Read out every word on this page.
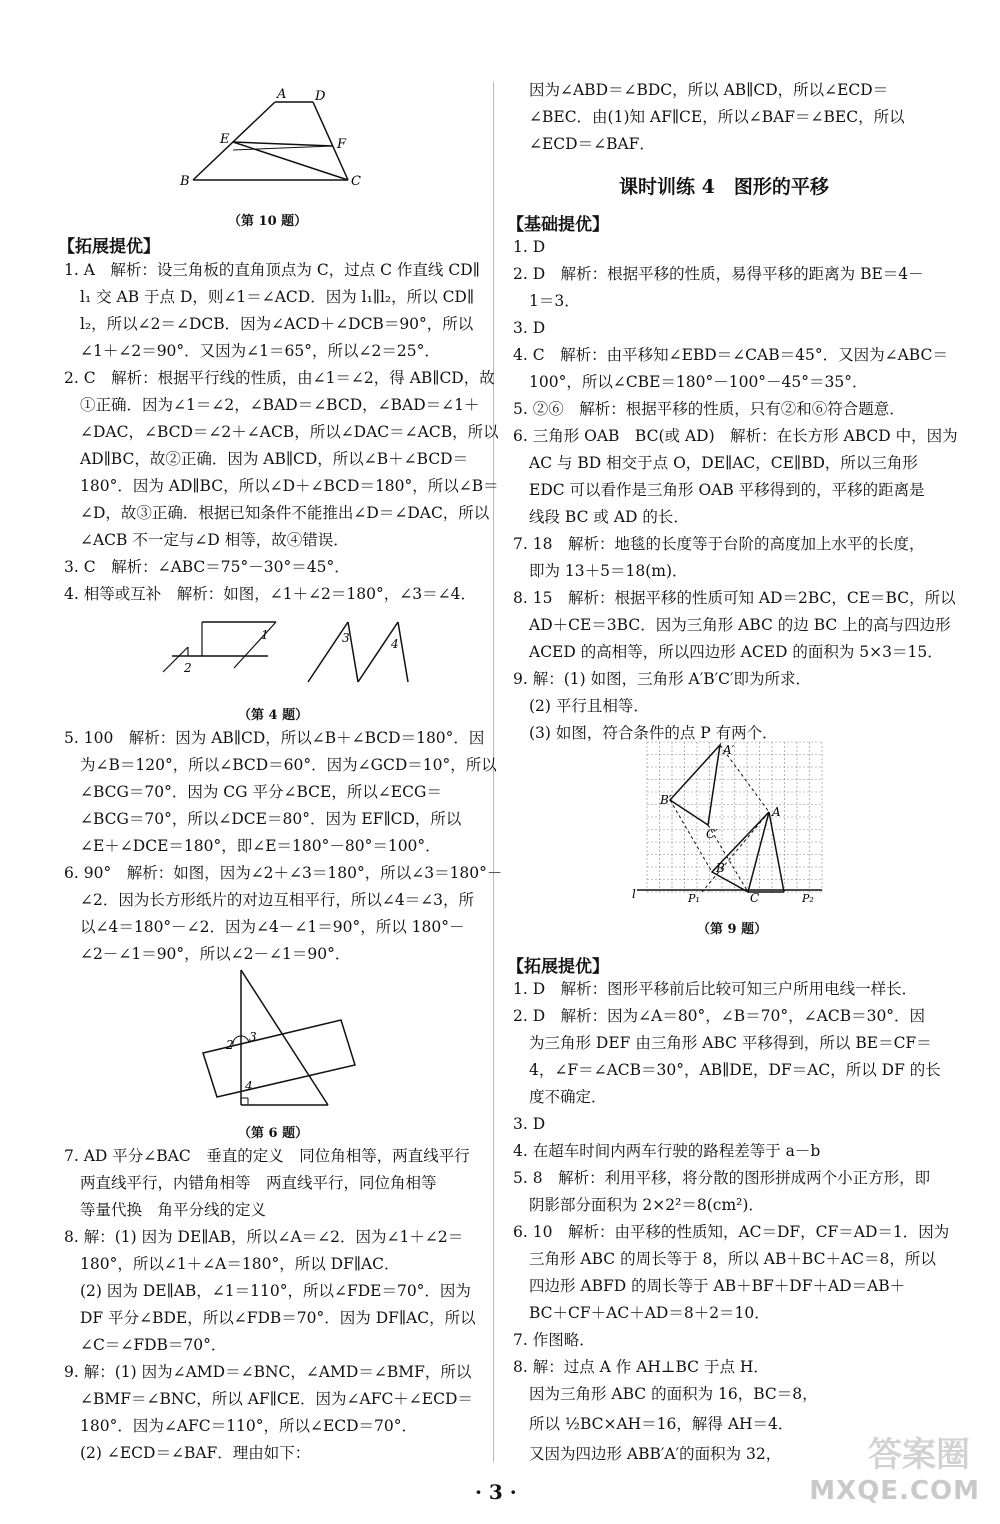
A D
E	F
B	C
（第 10 题）
【拓展提优】
1. A　解析：设三角板的直角顶点为 C，过点 C 作直线 CD∥
l₁ 交 AB 于点 D，则∠1＝∠ACD．因为 l₁∥l₂，所以 CD∥
l₂，所以∠2＝∠DCB．因为∠ACD＋∠DCB＝90°，所以
∠1＋∠2＝90°．又因为∠1＝65°，所以∠2＝25°．
2. C　解析：根据平行线的性质，由∠1＝∠2，得 AB∥CD，故
①正确．因为∠1＝∠2，∠BAD＝∠BCD，∠BAD＝∠1＋
∠DAC，∠BCD＝∠2＋∠ACB，所以∠DAC＝∠ACB，所以
AD∥BC，故②正确．因为 AB∥CD，所以∠B＋∠BCD＝
180°．因为 AD∥BC，所以∠D＋∠BCD＝180°，所以∠B＝
∠D，故③正确．根据已知条件不能推出∠D＝∠DAC，所以
∠ACB 不一定与∠D 相等，故④错误．
3. C　解析：∠ABC＝75°－30°＝45°．
4. 相等或互补　解析：如图，∠1＋∠2＝180°，∠3＝∠4．
1
2
3	4
（第 4 题）
5. 100　解析：因为 AB∥CD，所以∠B＋∠BCD＝180°．因
为∠B＝120°，所以∠BCD＝60°．因为∠GCD＝10°，所以
∠BCG＝70°．因为 CG 平分∠BCE，所以∠ECG＝
∠BCG＝70°，所以∠DCE＝80°．因为 EF∥CD，所以
∠E＋∠DCE＝180°，即∠E＝180°－80°＝100°．
6. 90°　解析：如图，因为∠2＋∠3＝180°，所以∠3＝180°－
∠2．因为长方形纸片的对边互相平行，所以∠4＝∠3，所
以∠4＝180°－∠2．因为∠4－∠1＝90°，所以 180°－
∠2－∠1＝90°，所以∠2－∠1＝90°．
2
3
4
（第 6 题）
7. AD 平分∠BAC　垂直的定义　同位角相等，两直线平行
两直线平行，内错角相等　两直线平行，同位角相等
等量代换　角平分线的定义
8. 解：(1) 因为 DE∥AB，所以∠A＝∠2．因为∠1＋∠2＝
180°，所以∠1＋∠A＝180°，所以 DF∥AC．
(2) 因为 DE∥AB，∠1＝110°，所以∠FDE＝70°．因为
DF 平分∠BDE，所以∠FDB＝70°．因为 DF∥AC，所以
∠C＝∠FDB＝70°．
9. 解：(1) 因为∠AMD＝∠BNC，∠AMD＝∠BMF，所以
∠BMF＝∠BNC，所以 AF∥CE．因为∠AFC＋∠ECD＝
180°．因为∠AFC＝110°，所以∠ECD＝70°．
(2) ∠ECD＝∠BAF．理由如下：
因为∠ABD＝∠BDC，所以 AB∥CD，所以∠ECD＝
∠BEC．由(1)知 AF∥CE，所以∠BAF＝∠BEC，所以
∠ECD＝∠BAF．
课时训练 4　图形的平移
【基础提优】
1. D
2. D　解析：根据平移的性质，易得平移的距离为 BE＝4－
1＝3．
3. D
4. C　解析：由平移知∠EBD＝∠CAB＝45°．又因为∠ABC＝
100°，所以∠CBE＝180°－100°－45°＝35°．
5. ②⑥　解析：根据平移的性质，只有②和⑥符合题意．
6. 三角形 OAB　BC(或 AD)　解析：在长方形 ABCD 中，因为
AC 与 BD 相交于点 O，DE∥AC，CE∥BD，所以三角形
EDC 可以看作是三角形 OAB 平移得到的，平移的距离是
线段 BC 或 AD 的长．
7. 18　解析：地毯的长度等于台阶的高度加上水平的长度，
即为 13＋5＝18(m)．
8. 15　解析：根据平移的性质可知 AD＝2BC，CE＝BC，所以
AD＋CE＝3BC．因为三角形 ABC 的边 BC 上的高与四边形
ACED 的高相等，所以四边形 ACED 的面积为 5×3＝15．
9. 解：(1) 如图，三角形 A′B′C′即为所求．
(2) 平行且相等．
(3) 如图，符合条件的点 P 有两个．
A′
B′
C′
A
B
C
l	P₁	P₂
（第 9 题）
【拓展提优】
1. D　解析：图形平移前后比较可知三户所用电线一样长．
2. D　解析：因为∠A＝80°，∠B＝70°，∠ACB＝30°．因
为三角形 DEF 由三角形 ABC 平移得到，所以 BE＝CF＝
4，∠F＝∠ACB＝30°，AB∥DE，DF＝AC，所以 DF 的长
度不确定．
3. D
4. 在超车时间内两车行驶的路程差等于 a－b
5. 8　解析：利用平移，将分散的图形拼成两个小正方形，即
阴影部分面积为 2×2²＝8(cm²)．
6. 10　解析：由平移的性质知，AC＝DF，CF＝AD＝1．因为
三角形 ABC 的周长等于 8，所以 AB＋BC＋AC＝8，所以
四边形 ABFD 的周长等于 AB＋BF＋DF＋AD＝AB＋
BC＋CF＋AC＋AD＝8＋2＝10．
7. 作图略．
8. 解：过点 A 作 AH⊥BC 于点 H．
因为三角形 ABC 的面积为 16，BC＝8，
所以 ½BC×AH＝16，解得 AH＝4．
又因为四边形 ABB′A′的面积为 32，
· 3 ·
答案圈
MXQE.COM
